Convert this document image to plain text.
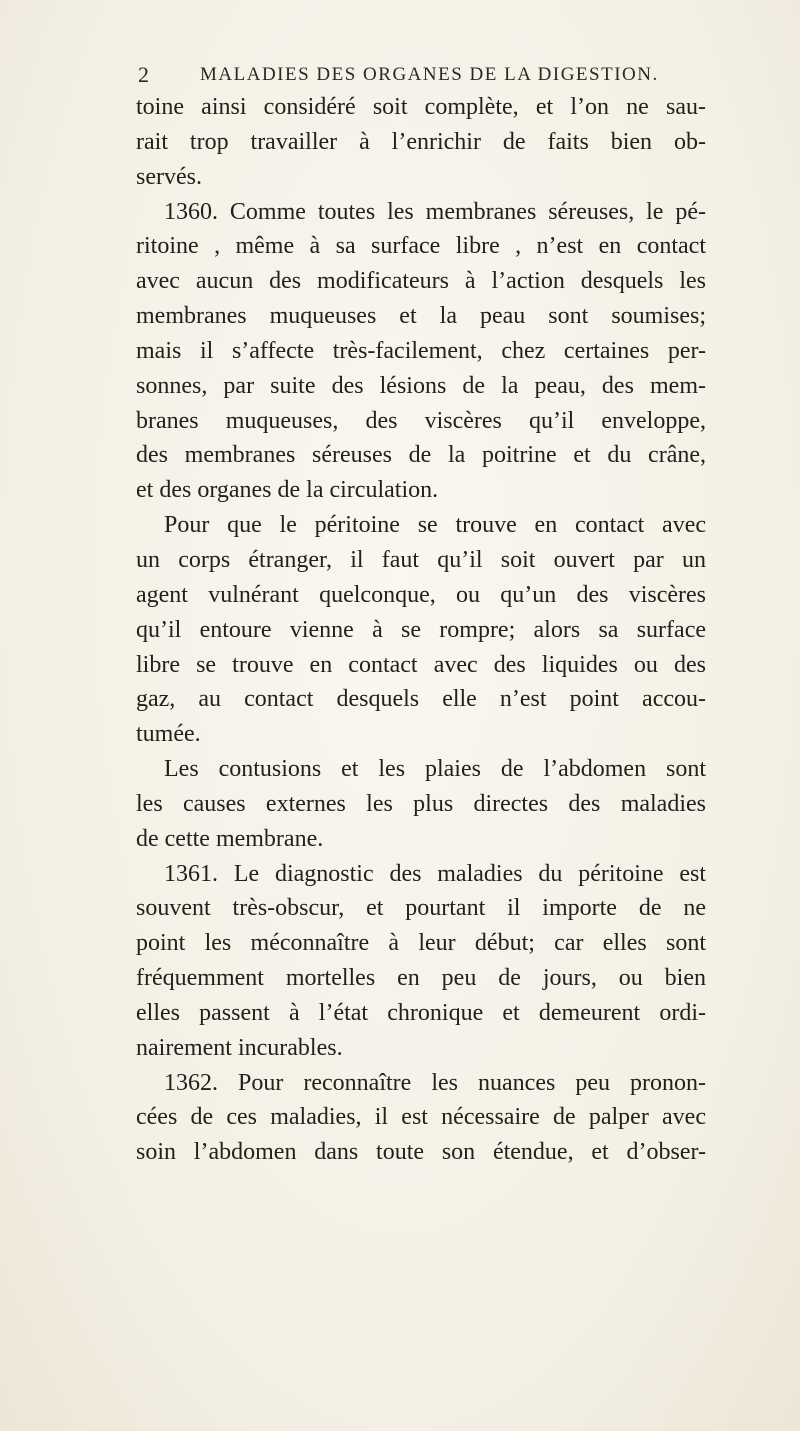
2	MALADIES DES ORGANES DE LA DIGESTION.
toine ainsi considéré soit complète, et l’on ne sau-
rait trop travailler à l’enrichir de faits bien ob-
servés.
1360. Comme toutes les membranes séreuses, le pé-
ritoine , même à sa surface libre , n’est en contact
avec aucun des modificateurs à l’action desquels les
membranes muqueuses et la peau sont soumises;
mais il s’affecte très-facilement, chez certaines per-
sonnes, par suite des lésions de la peau, des mem-
branes muqueuses, des viscères qu’il enveloppe,
des membranes séreuses de la poitrine et du crâne,
et des organes de la circulation.
Pour que le péritoine se trouve en contact avec
un corps étranger, il faut qu’il soit ouvert par un
agent vulnérant quelconque, ou qu’un des viscères
qu’il entoure vienne à se rompre; alors sa surface
libre se trouve en contact avec des liquides ou des
gaz, au contact desquels elle n’est point accou-
tumée.
Les contusions et les plaies de l’abdomen sont
les causes externes les plus directes des maladies
de cette membrane.
1361. Le diagnostic des maladies du péritoine est
souvent très-obscur, et pourtant il importe de ne
point les méconnaître à leur début; car elles sont
fréquemment mortelles en peu de jours, ou bien
elles passent à l’état chronique et demeurent ordi-
nairement incurables.
1362. Pour reconnaître les nuances peu pronon-
cées de ces maladies, il est nécessaire de palper avec
soin l’abdomen dans toute son étendue, et d’obser-
